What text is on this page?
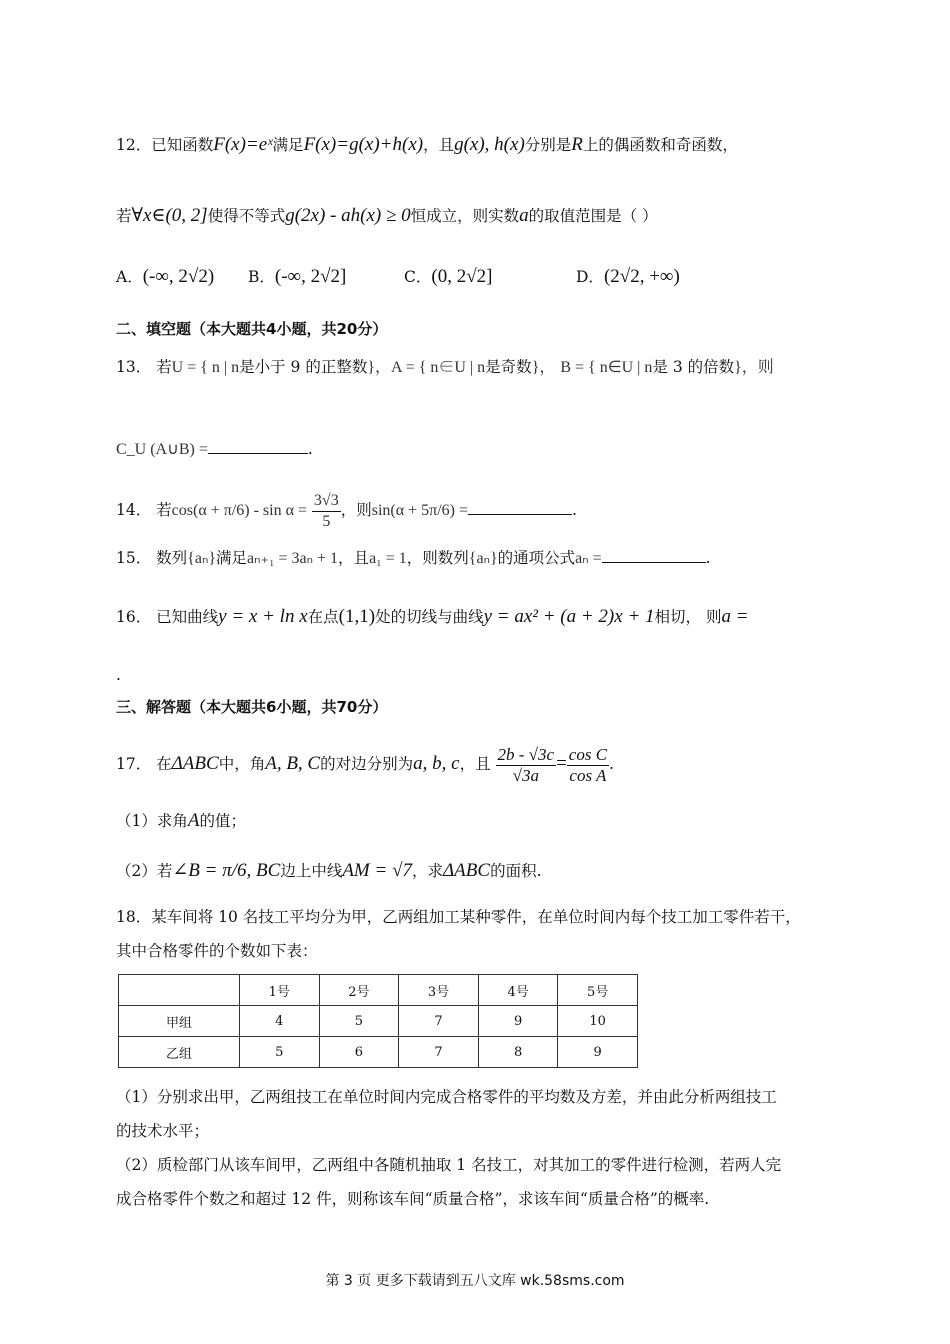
12．已知函数F(x)=eˣ满足F(x)=g(x)+h(x)，且g(x), h(x)分别是R上的偶函数和奇函数，
若∀x∈(0, 2]使得不等式g(2x) - ah(x) ≥ 0恒成立，则实数a的取值范围是（ ）
A．(-∞, 2√2) B．(-∞, 2√2]	C．(0, 2√2]	D．(2√2, +∞)
二、填空题（本大题共4小题，共20分）
13． 若U = { n | n是小于 9 的正整数}，A = { n∈U | n是奇数}， B = { n∈U | n是 3 的倍数}，则
C_U (A∪B) =	.
14． 若$\cos(\alpha + \pi/6) - \sin \alpha = \frac{3√3}{5}$ ，则sin(α + 5π/6) =	.
15． 数列{aₙ}满足aₙ₊₁ = 3aₙ + 1，且a₁ = 1，则数列{aₙ}的通项公式aₙ =	.
16． 已知曲线y = x + ln x在点(1,1)处的切线与曲线y = ax² + (a + 2)x + 1相切， 则a =
.
三、解答题（本大题共6小题，共70分）
17． 在ΔABC中，角A, B, C的对边分别为a, b, c，且 $\frac{2b - √3c}{√3a} = \frac{\text{cos C}}{\text{cos A}}$ .
（1）求角A的值；
（2）若∠B = π/6, BC边上中线AM = √7，求ΔABC的面积.
18．某车间将 10 名技工平均分为甲，乙两组加工某种零件，在单位时间内每个技工加工零件若干，
其中合格零件的个数如下表：
	1号	2号	3号	4号	5号
甲组	4	5	7	9	10
乙组	5	6	7	8	9
（1）分别求出甲，乙两组技工在单位时间内完成合格零件的平均数及方差，并由此分析两组技工
的技术水平；
（2）质检部门从该车间甲，乙两组中各随机抽取 1 名技工，对其加工的零件进行检测，若两人完
成合格零件个数之和超过 12 件，则称该车间“质量合格”，求该车间“质量合格”的概率.
第 3 页 更多下载请到五八文库 wk.58sms.com
